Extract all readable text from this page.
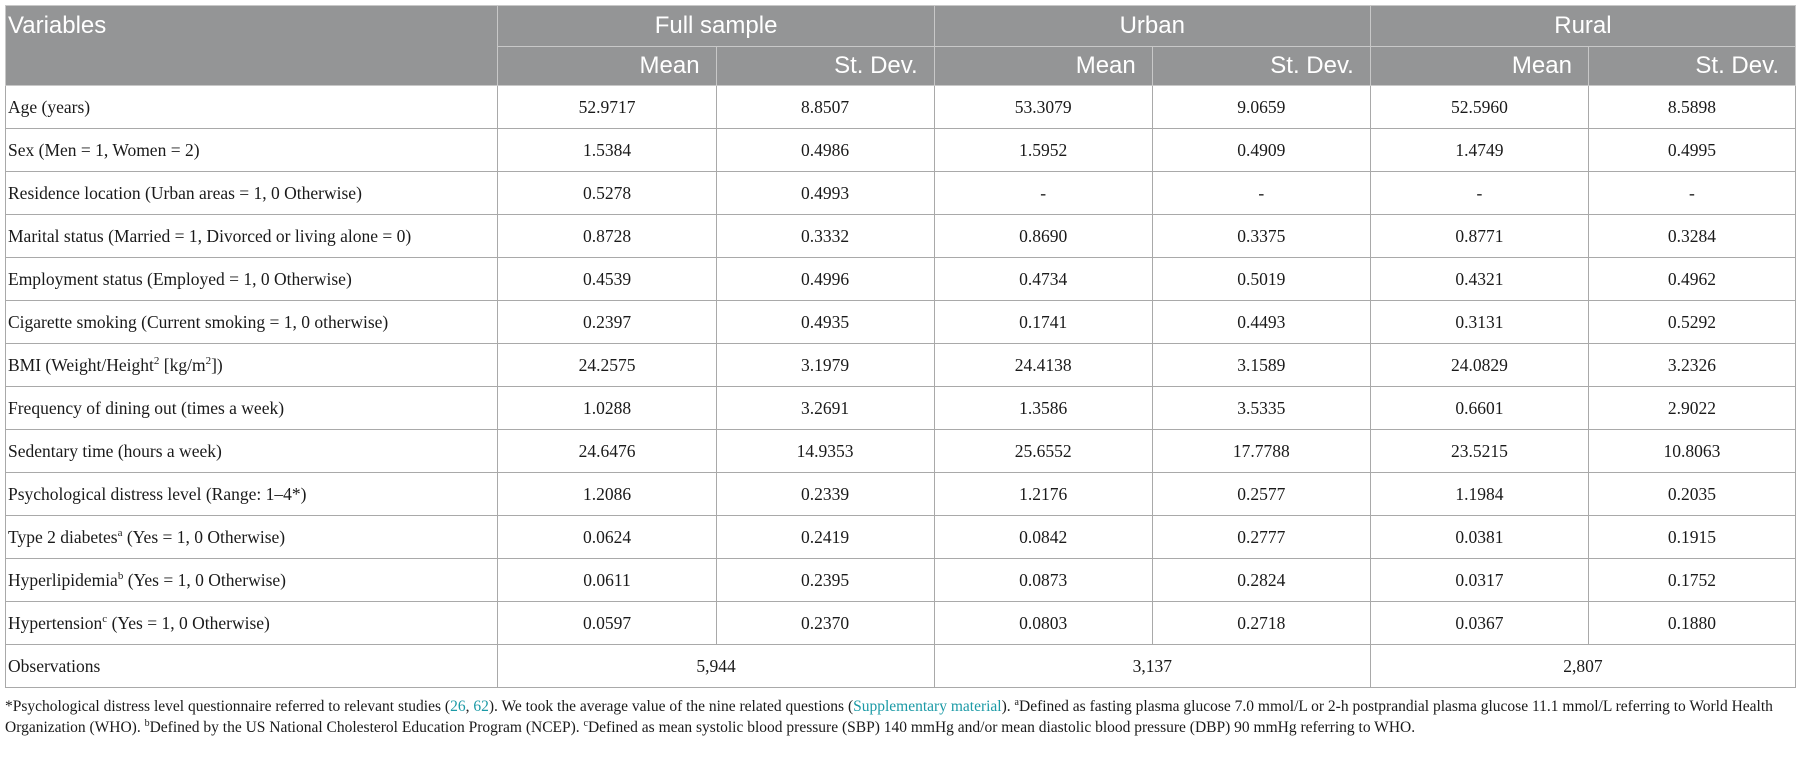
Variables	Full sample		Urban		Rural	
	Mean	St. Dev.	Mean	St. Dev.	Mean	St. Dev.
Age (years)	52.9717	8.8507	53.3079	9.0659	52.5960	8.5898
Sex (Men = 1, Women = 2)	1.5384	0.4986	1.5952	0.4909	1.4749	0.4995
Residence location (Urban areas = 1, 0 Otherwise)	0.5278	0.4993	-	-	-	-
Marital status (Married = 1, Divorced or living alone = 0)	0.8728	0.3332	0.8690	0.3375	0.8771	0.3284
Employment status (Employed = 1, 0 Otherwise)	0.4539	0.4996	0.4734	0.5019	0.4321	0.4962
Cigarette smoking (Current smoking = 1, 0 otherwise)	0.2397	0.4935	0.1741	0.4493	0.3131	0.5292
BMI (Weight/Height$^2$ $[kg/m^2]$)	24.2575	3.1979	24.4138	3.1589	24.0829	3.2326
Frequency of dining out (times a week)	1.0288	3.2691	1.3586	3.5335	0.6601	2.9022
Sedentary time (hours a week)	24.6476	14.9353	25.6552	17.7788	23.5215	10.8063
Psychological distress level (Range: 1–4*)	1.2086	0.2339	1.2176	0.2577	1.1984	0.2035
Type 2 diabetes$^a$ (Yes = 1, 0 Otherwise)	0.0624	0.2419	0.0842	0.2777	0.0381	0.1915
Hyperlipidemia$^b$ (Yes = 1, 0 Otherwise)	0.0611	0.2395	0.0873	0.2824	0.0317	0.1752
Hypertension$^c$ (Yes = 1, 0 Otherwise)	0.0597	0.2370	0.0803	0.2718	0.0367	0.1880
Observations	5,944		3,137		2,807	
*Psychological distress level questionnaire referred to relevant studies (26, 62). We took the average value of the nine related questions (Supplementary material). $^a$Defined as fasting plasma glucose 7.0 mmol/L or 2-h postprandial plasma glucose 11.1 mmol/L referring to World Health Organization (WHO). $^b$Defined by the US National Cholesterol Education Program (NCEP). $^c$Defined as mean systolic blood pressure (SBP) 140 mmHg and/or mean diastolic blood pressure (DBP) 90 mmHg referring to WHO.
